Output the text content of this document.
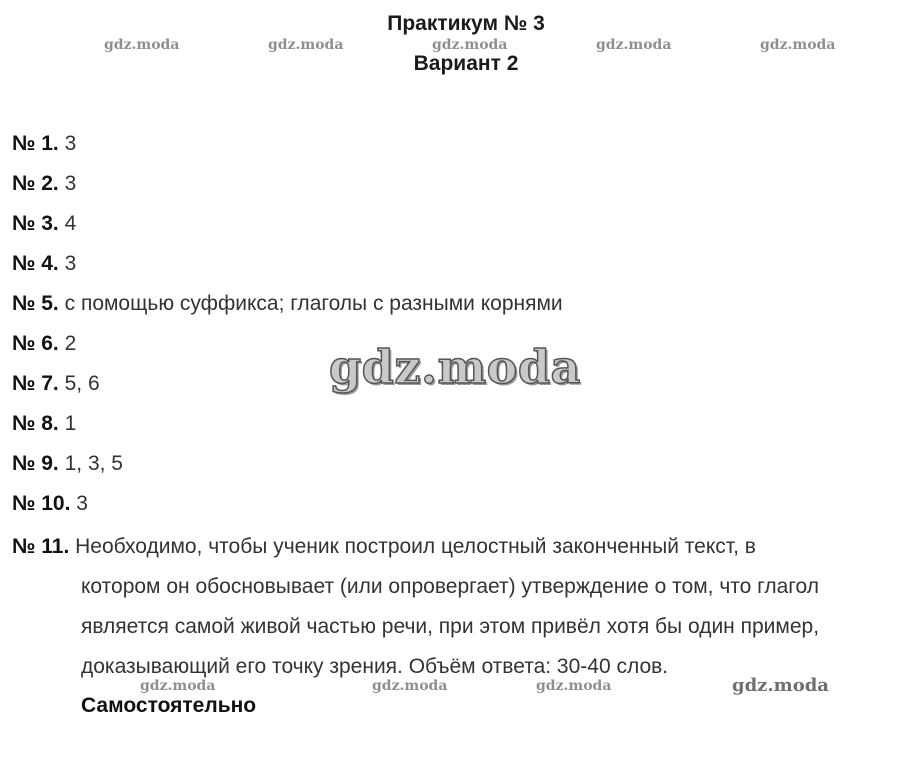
Практикум № 3
Вариант 2
gdz.moda	gdz.moda	gdz.moda	gdz.moda	gdz.moda
gdz.moda
№ 1. 3
№ 2. 3
№ 3. 4
№ 4. 3
№ 5. с помощью суффикса; глаголы с разными корнями
№ 6. 2
№ 7. 5, 6
№ 8. 1
№ 9. 1, 3, 5
№ 10. 3
№ 11. Необходимо, чтобы ученик построил целостный законченный текст, в
котором он обосновывает (или опровергает) утверждение о том, что глагол
является самой живой частью речи, при этом привёл хотя бы один пример,
доказывающий его точку зрения. Объём ответа: 30-40 слов.
gdz.moda	gdz.moda	gdz.moda	gdz.moda
Самостоятельно
